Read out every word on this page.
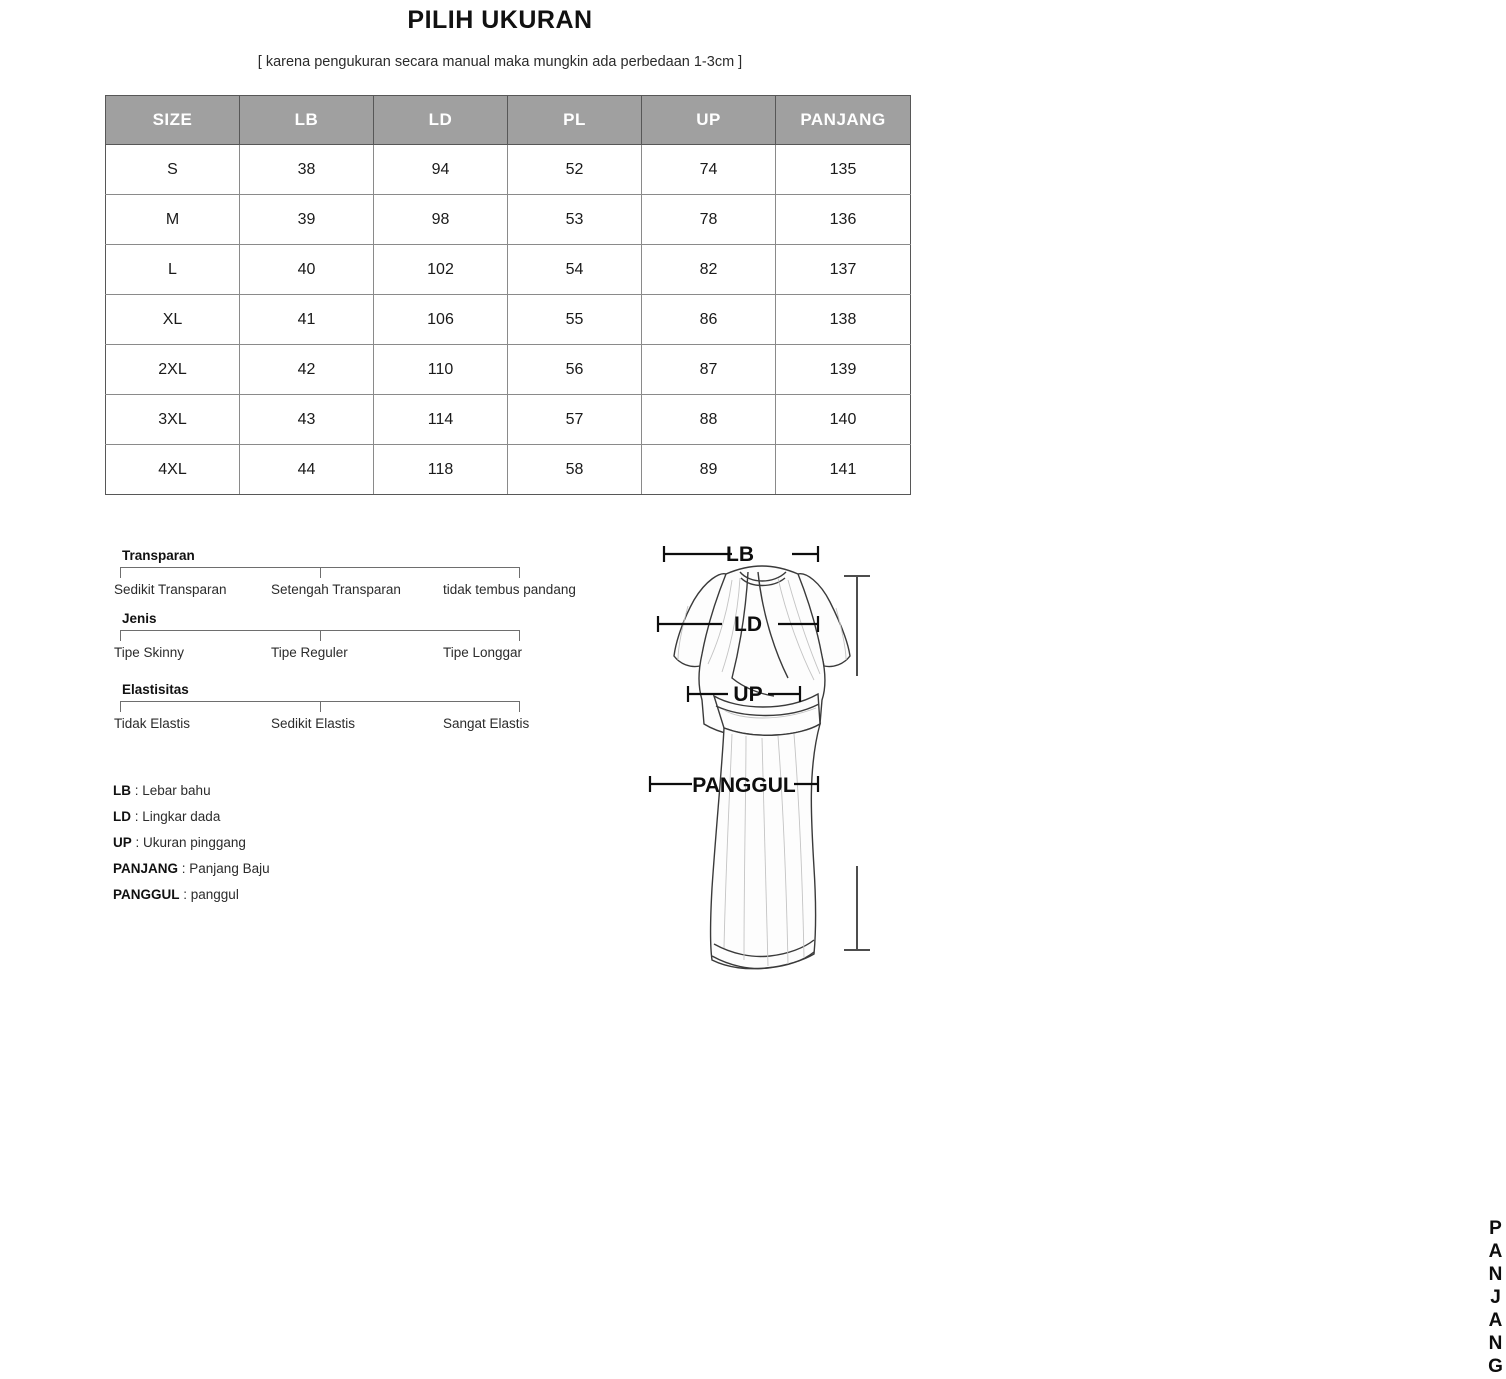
PILIH UKURAN
[ karena pengukuran secara manual maka mungkin ada perbedaan 1-3cm ]
SIZE	LB	LD	PL	UP	PANJANG
S	38	94	52	74	135
M	39	98	53	78	136
L	40	102	54	82	137
XL	41	106	55	86	138
2XL	42	110	56	87	139
3XL	43	114	57	88	140
4XL	44	118	58	89	141
Transparan
Sedikit Transparan	Setengah Transparan	tidak tembus pandang
Jenis
Tipe Skinny	Tipe Reguler	Tipe Longgar
Elastisitas
Tidak Elastis	Sedikit Elastis	Sangat Elastis
LB : Lebar bahu
LD : Lingkar dada
UP : Ukuran pinggang
PANJANG : Panjang Baju
PANGGUL : panggul
LB
LD
UP
PANGGUL
PANJANG
